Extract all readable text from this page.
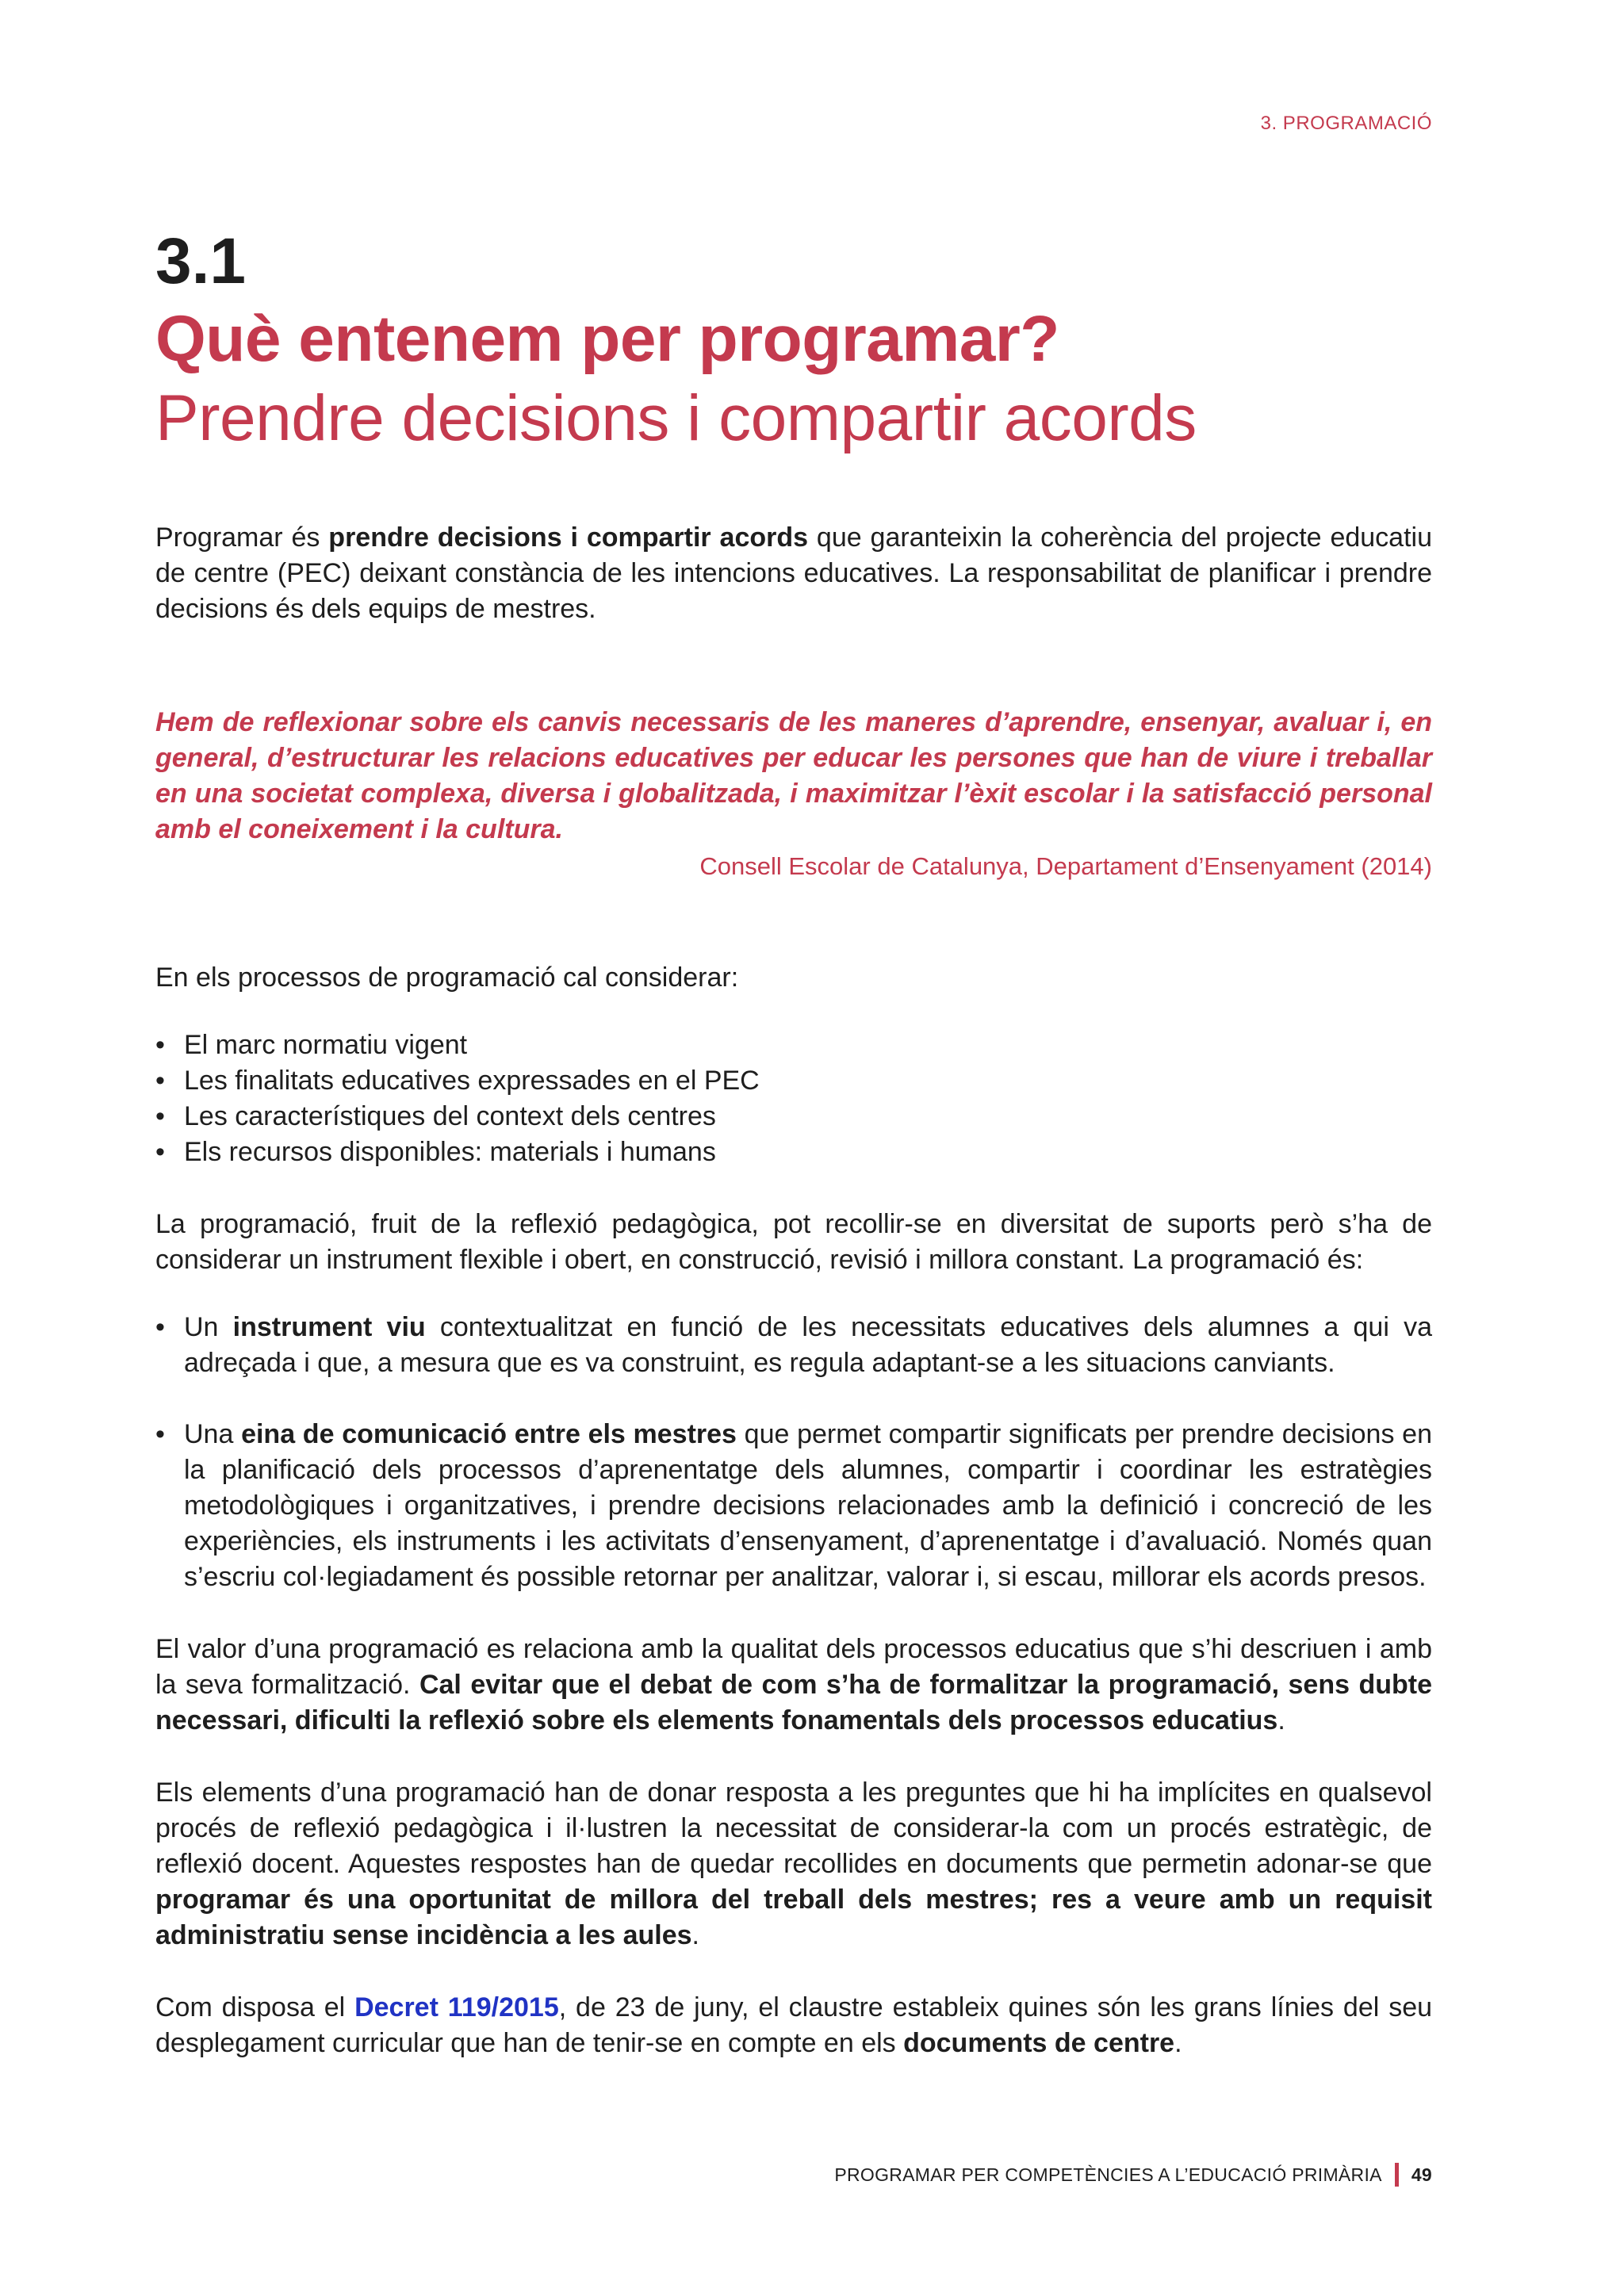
3. PROGRAMACIÓ
3.1
Què entenem per programar?
Prendre decisions i compartir acords

Programar és prendre decisions i compartir acords que garanteixin la coherència del projecte educatiu de centre (PEC) deixant constància de les intencions educatives. La responsabilitat de planificar i prendre decisions és dels equips de mestres.

Hem de reflexionar sobre els canvis necessaris de les maneres d’aprendre, ensenyar, avaluar i, en general, d’estructurar les relacions educatives per educar les persones que han de viure i treballar en una societat complexa, diversa i globalitzada, i maximitzar l’èxit escolar i la satisfacció personal amb el coneixement i la cultura.
Consell Escolar de Catalunya, Departament d’Ensenyament (2014)

En els processos de programació cal considerar:

• El marc normatiu vigent
• Les finalitats educatives expressades en el PEC
• Les característiques del context dels centres
• Els recursos disponibles: materials i humans

La programació, fruit de la reflexió pedagògica, pot recollir-se en diversitat de suports però s’ha de considerar un instrument flexible i obert, en construcció, revisió i millora constant. La programació és:

• Un instrument viu contextualitzat en funció de les necessitats educatives dels alumnes a qui va adreçada i que, a mesura que es va construint, es regula adaptant-se a les situacions canviants.
• Una eina de comunicació entre els mestres que permet compartir significats per prendre decisions en la planificació dels processos d’aprenentatge dels alumnes, compartir i coordinar les estratègies metodològiques i organitzatives, i prendre decisions relacionades amb la definició i concreció de les experiències, els instruments i les activitats d’ensenyament, d’aprenentatge i d’avaluació. Només quan s’escriu col·legiadament és possible retornar per analitzar, valorar i, si escau, millorar els acords presos.

El valor d’una programació es relaciona amb la qualitat dels processos educatius que s’hi descriuen i amb la seva formalització. Cal evitar que el debat de com s’ha de formalitzar la programació, sens dubte necessari, dificulti la reflexió sobre els elements fonamentals dels processos educatius.

Els elements d’una programació han de donar resposta a les preguntes que hi ha implícites en qualsevol procés de reflexió pedagògica i il·lustren la necessitat de considerar-la com un procés estratègic, de reflexió docent. Aquestes respostes han de quedar recollides en documents que permetin adonar-se que programar és una oportunitat de millora del treball dels mestres; res a veure amb un requisit administratiu sense incidència a les aules.

Com disposa el Decret 119/2015, de 23 de juny, el claustre estableix quines són les grans línies del seu desplegament curricular que han de tenir-se en compte en els documents de centre.

PROGRAMAR PER COMPETÈNCIES A L’EDUCACIÓ PRIMÀRIA 49
